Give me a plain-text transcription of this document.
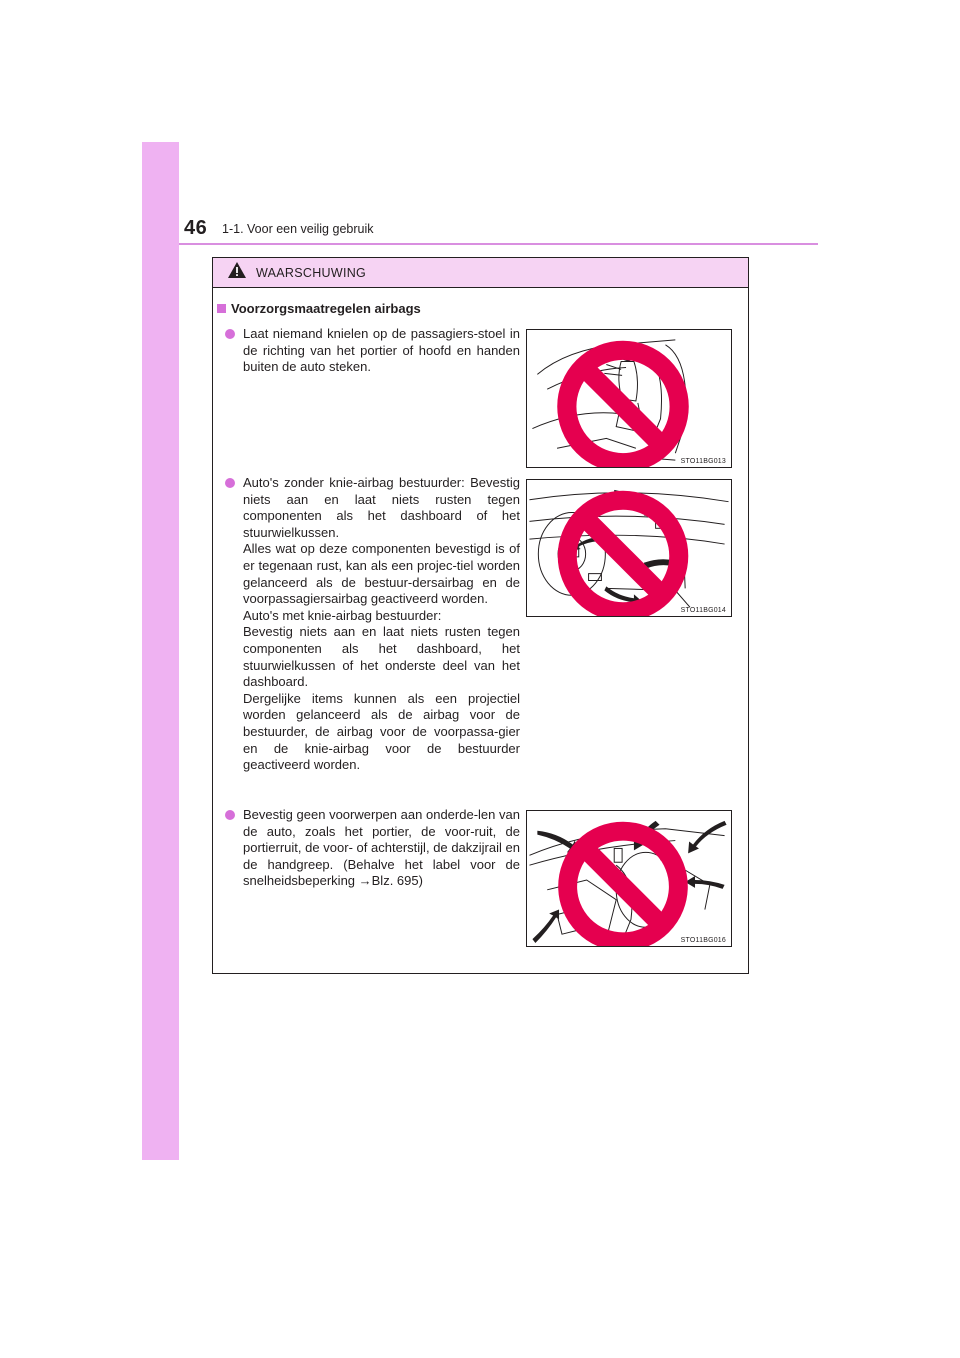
46 1-1. Voor een veilig gebruik
WAARSCHUWING
Voorzorgsmaatregelen airbags
Laat niemand knielen op de passagiers-stoel in de richting van het portier of hoofd en handen buiten de auto steken.
STO11BG013
Auto's zonder knie-airbag bestuurder: Bevestig niets aan en laat niets rusten tegen componenten als het dashboard of het stuurwielkussen.
Alles wat op deze componenten bevestigd is of er tegenaan rust, kan als een projec-tiel worden gelanceerd als de bestuur-dersairbag en de voorpassagiersairbag geactiveerd worden.
Auto's met knie-airbag bestuurder:
Bevestig niets aan en laat niets rusten tegen componenten als het dashboard, het stuurwielkussen of het onderste deel van het dashboard.
Dergelijke items kunnen als een projectiel worden gelanceerd als de airbag voor de bestuurder, de airbag voor de voorpassa-gier en de knie-airbag voor de bestuurder geactiveerd worden.
STO11BG014
Bevestig geen voorwerpen aan onderde-len van de auto, zoals het portier, de voor-ruit, de portierruit, de voor- of achterstijl, de dakzijrail en de handgreep. (Behalve het label voor de snelheidsbeperking →Blz. 695)
STO11BG016
